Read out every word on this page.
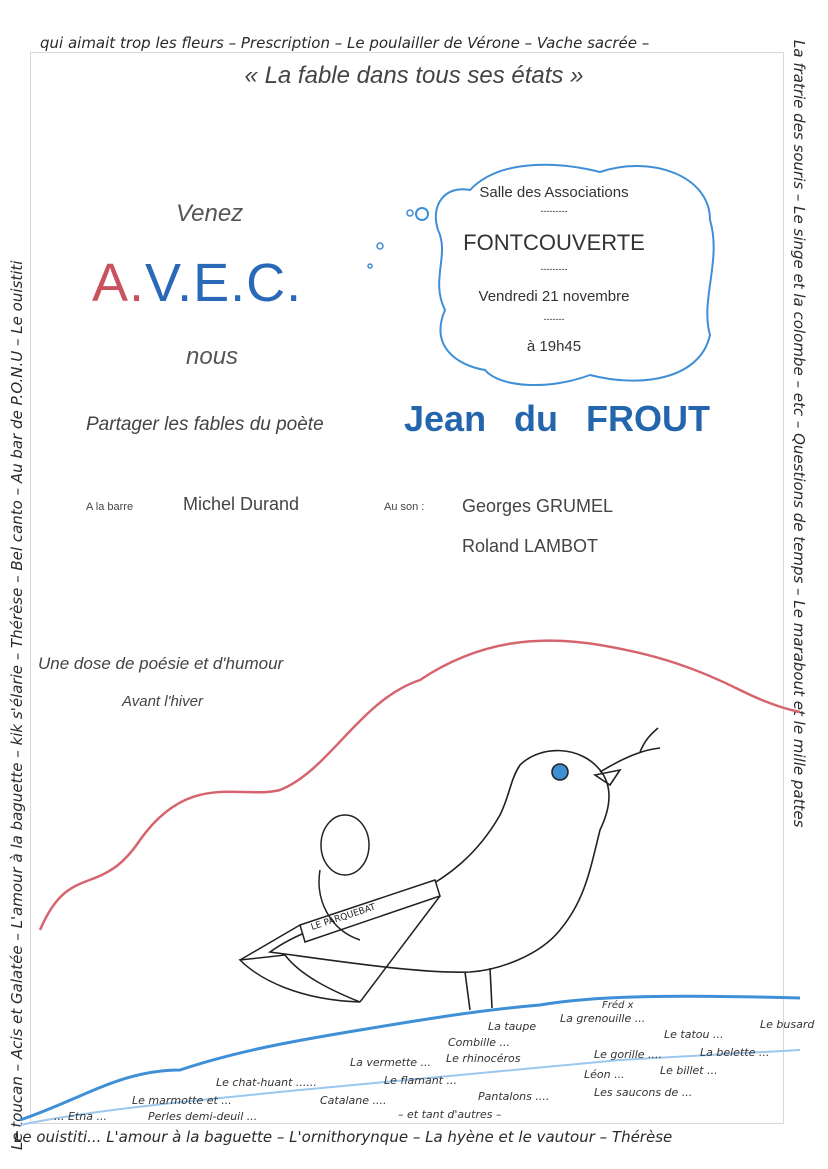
qui aimait trop les fleurs – Prescription – Le poulailler de Vérone – Vache sacrée –	La fratrie des souris – Le singe et la colombe – etc – Questions de temps – Le marabout et le mille pattes
Le ouistiti... L'amour à la baguette – L'ornithorynque – La hyène et le vautour – Thérèse
Le toucan – Acis et Galatée – L'amour à la baguette – kik s'élarie – Thérèse – Bel canto – Au bar de P.O.N.U – Le ouistiti
« La fable dans tous ses états »
Venez
A.V.E.C.
nous
Partager les fables du poète Jean du FROUT
Salle des Associations
---------
FONTCOUVERTE
---------
Vendredi 21 novembre
-------
à 19h45
A la barre	Michel Durand	Au son : Georges GRUMEL
Roland LAMBOT
Une dose de poésie et d'humour
Avant l'hiver
LE PARQUEBAT
La taupe
La grenouille ...
Le tatou ...
Le busard
Combille ...
La vermette ... Le rhinocéros	Le gorille ....	La belette ...
Le chat-huant ......	Le flamant ...	Léon ...	Le billet ...
Le marmotte et ...	Catalane ....	Pantalons ....	Les saucons de ...
... Etna ...	Perles demi-deuil ...	– et tant d'autres –
Fréd x
